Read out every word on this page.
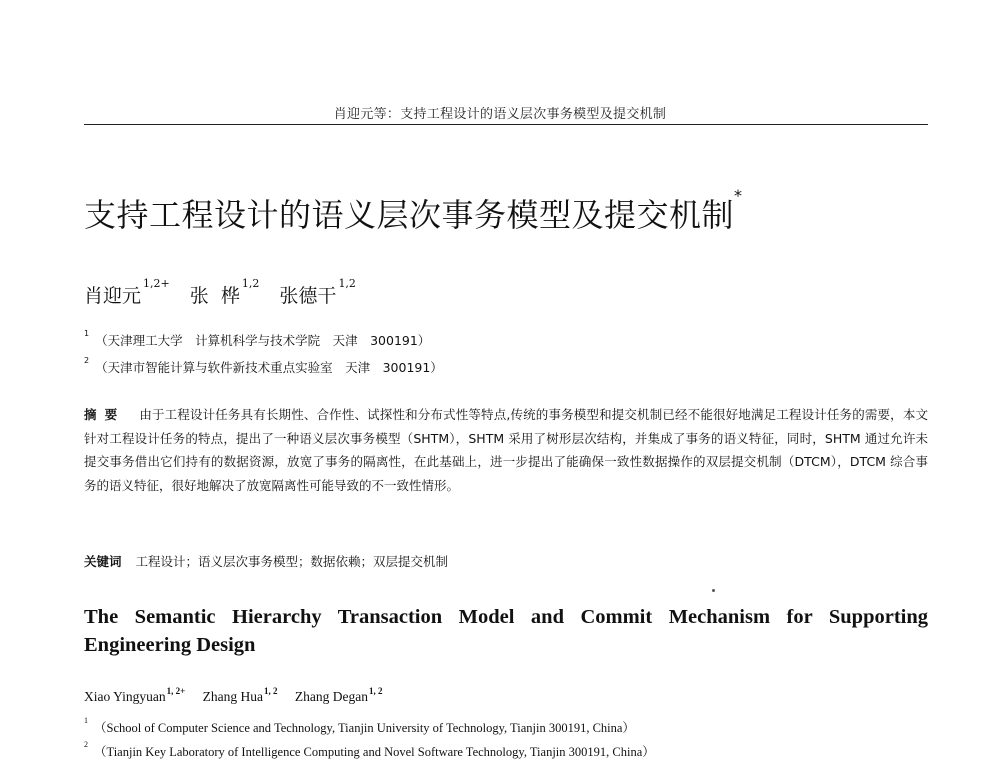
肖迎元等：支持工程设计的语义层次事务模型及提交机制
支持工程设计的语义层次事务模型及提交机制*
肖迎元$^{1,2+}$ 张  桦$^{1,2}$ 张德干$^{1,2}$
$^1$ （天津理工大学　计算机科学与技术学院　天津　300191）
$^2$ （天津市智能计算与软件新技术重点实验室　天津　300191）
摘要 由于工程设计任务具有长期性、合作性、试探性和分布式性等特点,传统的事务模型和提交机制已经不能很好地满足工程设计任务的需要，本文针对工程设计任务的特点，提出了一种语义层次事务模型（SHTM），SHTM 采用了树形层次结构，并集成了事务的语义特征，同时，SHTM 通过允许未提交事务借出它们持有的数据资源，放宽了事务的隔离性，在此基础上，进一步提出了能确保一致性数据操作的双层提交机制（DTCM），DTCM 综合事务的语义特征，很好地解决了放宽隔离性可能导致的不一致性情形。
关键词 工程设计；语义层次事务模型；数据依赖；双层提交机制
The Semantic Hierarchy Transaction Model and Commit Mechanism for Supporting Engineering Design
Xiao Yingyuan$^{1, 2+}$ Zhang Hua$^{1, 2}$ Zhang Degan$^{1, 2}$
$^1$（School of Computer Science and Technology, Tianjin University of Technology, Tianjin 300191, China）
$^2$（Tianjin Key Laboratory of Intelligence Computing and Novel Software Technology, Tianjin 300191, China）
